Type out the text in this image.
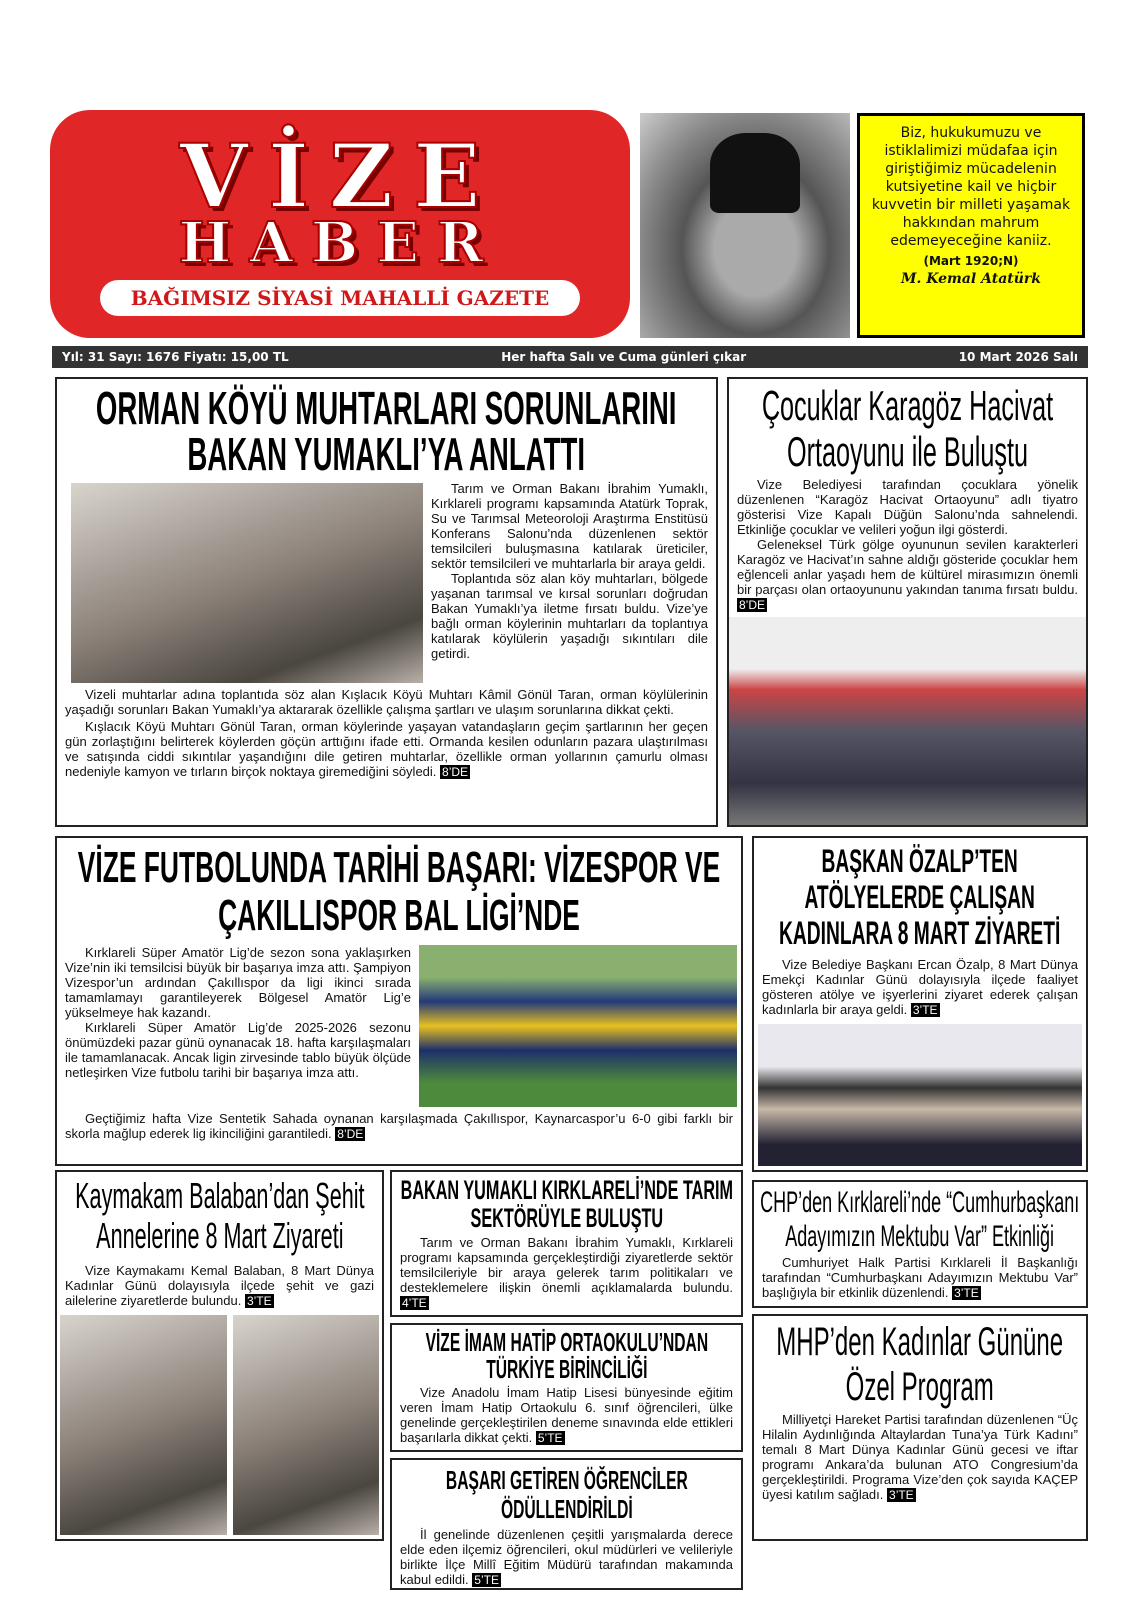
VİZE
HABER
BAĞIMSIZ SİYASİ MAHALLİ GAZETE
Biz, hukukumuzu ve istiklalimizi müdafaa için giriştiğimiz mücadelenin kutsiyetine kail ve hiçbir kuvvetin bir milleti yaşamak hakkından mahrum edemeyeceğine kaniiz.
(Mart 1920;N)
M. Kemal Atatürk
Yıl: 31 Sayı: 1676 Fiyatı: 15,00 TL	Her hafta Salı ve Cuma günleri çıkar	10 Mart 2026 Salı
ORMAN KÖYÜ MUHTARLARI SORUNLARINI BAKAN YUMAKLI’YA ANLATTI

Tarım ve Orman Bakanı İbrahim Yumaklı, Kırklareli programı kapsamında Atatürk Toprak, Su ve Tarımsal Meteoroloji Araştırma Enstitüsü Konferans Salonu’nda düzenlenen sektör temsilcileri buluşmasına katılarak üreticiler, sektör temsilcileri ve muhtarlarla bir araya geldi.

Toplantıda söz alan köy muhtarları, bölgede yaşanan tarımsal ve kırsal sorunları doğrudan Bakan Yumaklı’ya iletme fırsatı buldu. Vize’ye bağlı orman köylerinin muhtarları da toplantıya katılarak köylülerin yaşadığı sıkıntıları dile getirdi.

Vizeli muhtarlar adına toplantıda söz alan Kışlacık Köyü Muhtarı Kâmil Gönül Taran, orman köylülerinin yaşadığı sorunları Bakan Yumaklı’ya aktararak özellikle çalışma şartları ve ulaşım sorunlarına dikkat çekti.

Kışlacık Köyü Muhtarı Gönül Taran, orman köylerinde yaşayan vatandaşların geçim şartlarının her geçen gün zorlaştığını belirterek köylerden göçün arttığını ifade etti. Ormanda kesilen odunların pazara ulaştırılması ve satışında ciddi sıkıntılar yaşandığını dile getiren muhtarlar, özellikle orman yollarının çamurlu olması nedeniyle kamyon ve tırların birçok noktaya giremediğini söyledi. 8’DE

Çocuklar Karagöz Hacivat Ortaoyunu ile Buluştu

Vize Belediyesi tarafından çocuklara yönelik düzenlenen “Karagöz Hacivat Ortaoyunu” adlı tiyatro gösterisi Vize Kapalı Düğün Salonu’nda sahnelendi. Etkinliğe çocuklar ve velileri yoğun ilgi gösterdi.

Geleneksel Türk gölge oyununun sevilen karakterleri Karagöz ve Hacivat’ın sahne aldığı gösteride çocuklar hem eğlenceli anlar yaşadı hem de kültürel mirasımızın önemli bir parçası olan ortaoyununu yakından tanıma fırsatı buldu. 8’DE

VİZE FUTBOLUNDA TARİHİ BAŞARI: VİZESPOR VE ÇAKILLISPOR BAL LİGİ’NDE

Kırklareli Süper Amatör Lig’de sezon sona yaklaşırken Vize’nin iki temsilcisi büyük bir başarıya imza attı. Şampiyon Vizespor’un ardından Çakıllıspor da ligi ikinci sırada tamamlamayı garantileyerek Bölgesel Amatör Lig’e yükselmeye hak kazandı.

Kırklareli Süper Amatör Lig’de 2025-2026 sezonu önümüzdeki pazar günü oynanacak 18. hafta karşılaşmaları ile tamamlanacak. Ancak ligin zirvesinde tablo büyük ölçüde netleşirken Vize futbolu tarihi bir başarıya imza attı.

Geçtiğimiz hafta Vize Sentetik Sahada oynanan karşılaşmada Çakıllıspor, Kaynarcaspor’u 6-0 gibi farklı bir skorla mağlup ederek lig ikinciliğini garantiledi. 8’DE

BAŞKAN ÖZALP’TEN ATÖLYELERDE ÇALIŞAN KADINLARA 8 MART ZİYARETİ

Vize Belediye Başkanı Ercan Özalp, 8 Mart Dünya Emekçi Kadınlar Günü dolayısıyla ilçede faaliyet gösteren atölye ve işyerlerini ziyaret ederek çalışan kadınlarla bir araya geldi. 3’TE

Kaymakam Balaban’dan Şehit Annelerine 8 Mart Ziyareti

Vize Kaymakamı Kemal Balaban, 8 Mart Dünya Kadınlar Günü dolayısıyla ilçede şehit ve gazi ailelerine ziyaretlerde bulundu. 3’TE

BAKAN YUMAKLI KIRKLARELİ’NDE TARIM SEKTÖRÜYLE BULUŞTU

Tarım ve Orman Bakanı İbrahim Yumaklı, Kırklareli programı kapsamında gerçekleştirdiği ziyaretlerde sektör temsilcileriyle bir araya gelerek tarım politikaları ve desteklemelere ilişkin önemli açıklamalarda bulundu. 4’TE

VİZE İMAM HATİP ORTAOKULU’NDAN TÜRKİYE BİRİNCİLİĞİ

Vize Anadolu İmam Hatip Lisesi bünyesinde eğitim veren İmam Hatip Ortaokulu 6. sınıf öğrencileri, ülke genelinde gerçekleştirilen deneme sınavında elde ettikleri başarılarla dikkat çekti. 5’TE

BAŞARI GETİREN ÖĞRENCİLER ÖDÜLLENDİRİLDİ

İl genelinde düzenlenen çeşitli yarışmalarda derece elde eden ilçemiz öğrencileri, okul müdürleri ve velileriyle birlikte İlçe Millî Eğitim Müdürü tarafından makamında kabul edildi. 5’TE

CHP’den Kırklareli’nde “Cumhurbaşkanı Adayımızın Mektubu Var” Etkinliği

Cumhuriyet Halk Partisi Kırklareli İl Başkanlığı tarafından “Cumhurbaşkanı Adayımızın Mektubu Var” başlığıyla bir etkinlik düzenlendi. 3’TE

MHP’den Kadınlar Gününe Özel Program

Milliyetçi Hareket Partisi tarafından düzenlenen “Üç Hilalin Aydınlığında Altaylardan Tuna’ya Türk Kadını” temalı 8 Mart Dünya Kadınlar Günü gecesi ve iftar programı Ankara’da bulunan ATO Congresium’da gerçekleştirildi. Programa Vize’den çok sayıda KAÇEP üyesi katılım sağladı. 3’TE
